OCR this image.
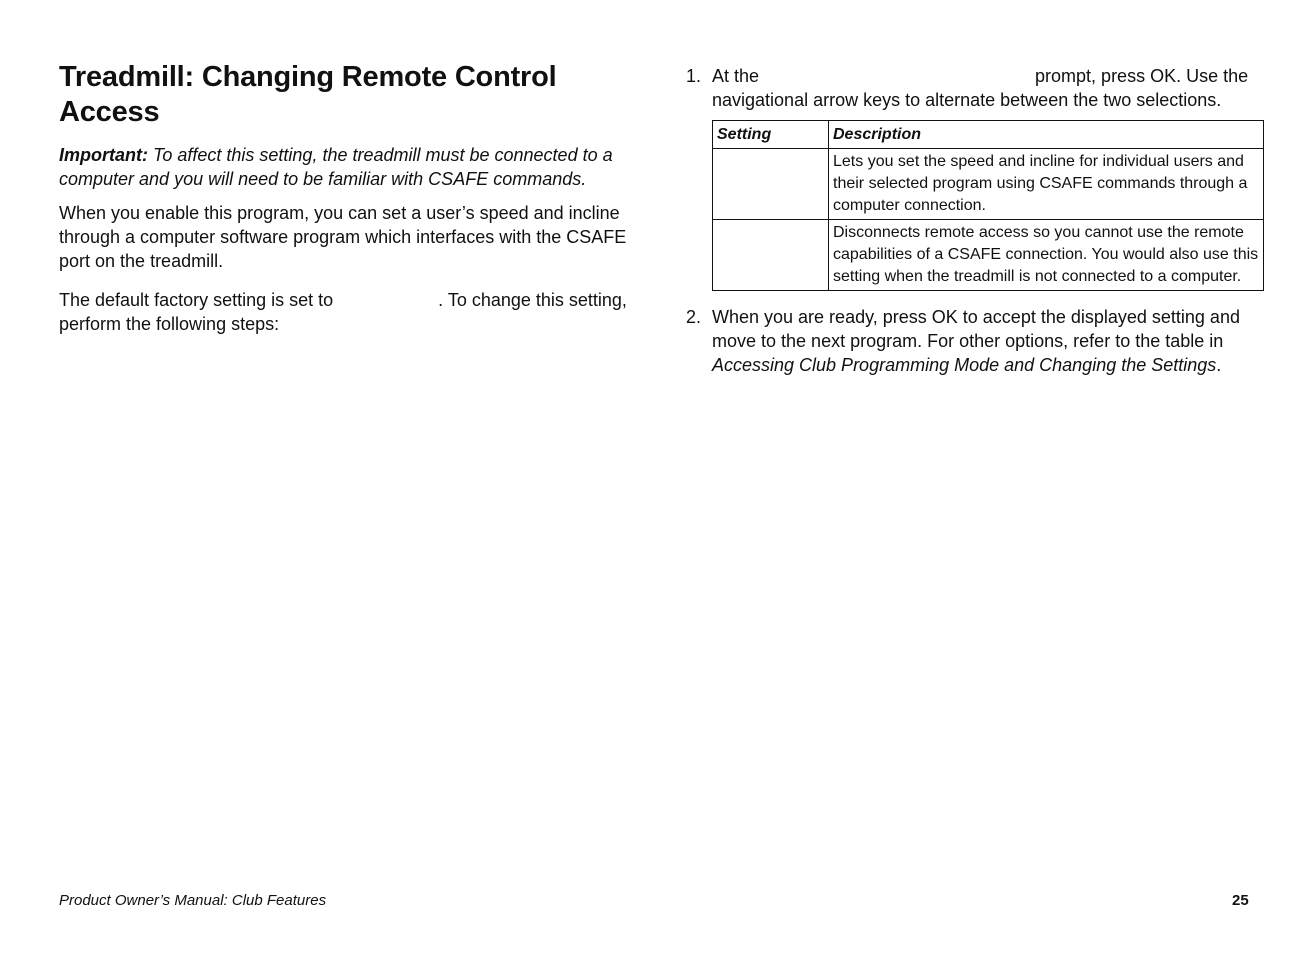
Treadmill: Changing Remote Control Access

Important: To affect this setting, the treadmill must be connected to a computer and you will need to be familiar with CSAFE commands.

When you enable this program, you can set a user’s speed and incline through a computer software program which interfaces with the CSAFE port on the treadmill.

The default factory setting is set to	. To change this setting, perform the following steps:

1. At the	prompt, press OK. Use the navigational arrow keys to alternate between the two selections.
Setting	Description
	Lets you set the speed and incline for individual users and their selected program using CSAFE commands through a computer connection.
	Disconnects remote access so you cannot use the remote capabilities of a CSAFE connection. You would also use this setting when the treadmill is not connected to a computer.
2. When you are ready, press OK to accept the displayed setting and move to the next program. For other options, refer to the table in Accessing Club Programming Mode and Changing the Settings.
Product Owner’s Manual: Club Features	25
